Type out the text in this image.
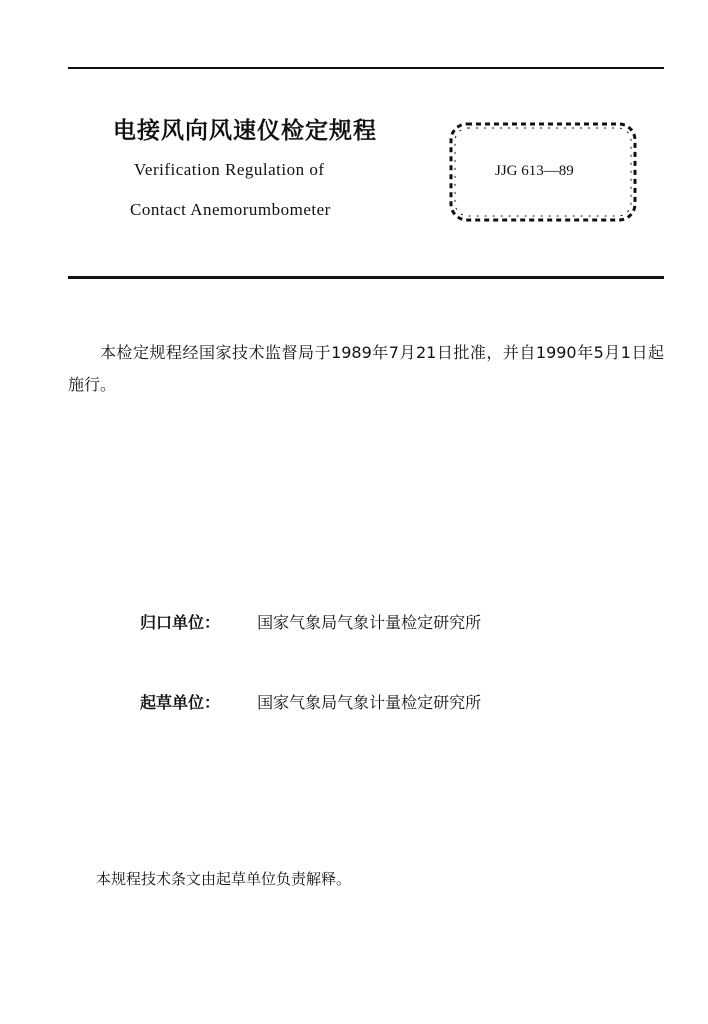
电接风向风速仪检定规程
Verification Regulation of
Contact Anemorumbometer
JJG 613—89
本检定规程经国家技术监督局于1989年7月21日批准，并自1990年5月1日起施行。
归口单位： 国家气象局气象计量检定研究所
起草单位： 国家气象局气象计量检定研究所
本规程技术条文由起草单位负责解释。
